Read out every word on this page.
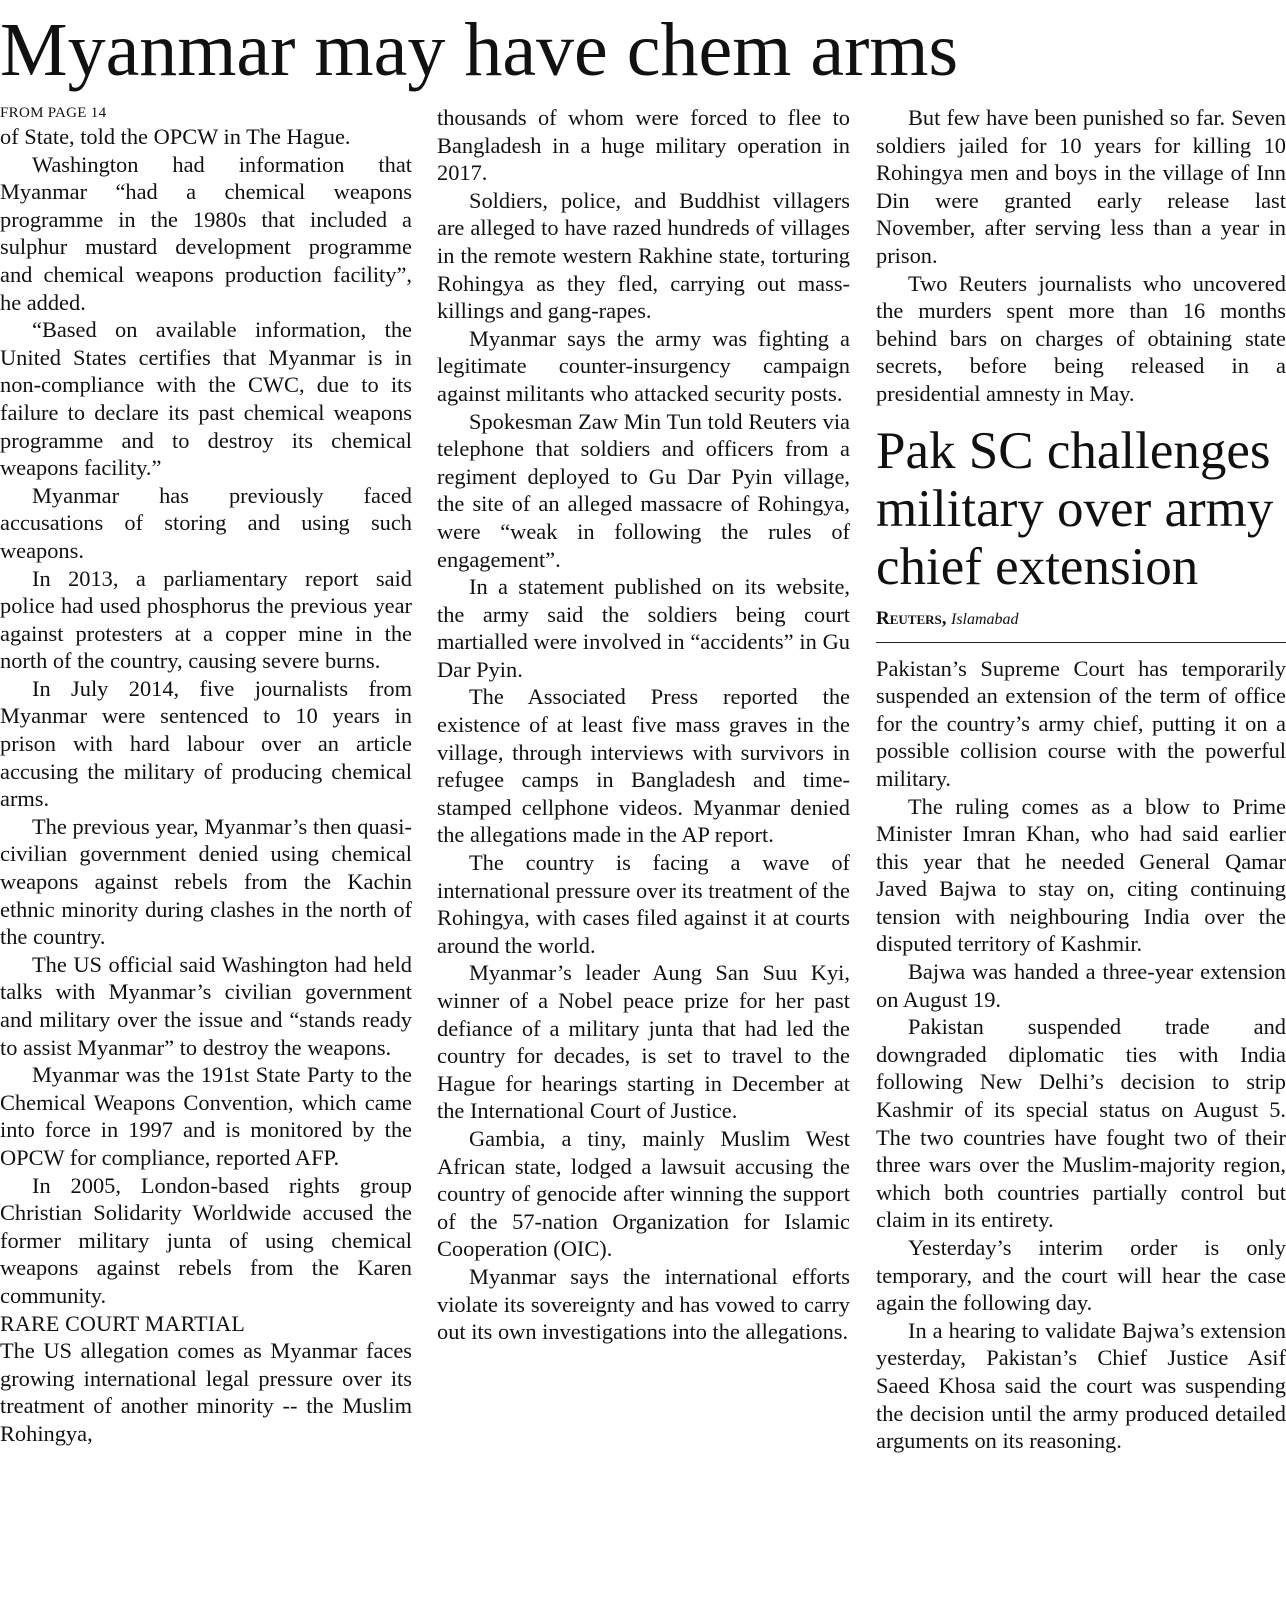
Myanmar may have chem arms
FROM PAGE 14

of State, told the OPCW in The Hague.

Washington had information that Myanmar “had a chemical weapons programme in the 1980s that included a sulphur mustard development programme and chemical weapons production facility”, he added.

“Based on available information, the United States certifies that Myanmar is in non-compliance with the CWC, due to its failure to declare its past chemical weapons programme and to destroy its chemical weapons facility.”

Myanmar has previously faced accusations of storing and using such weapons.

In 2013, a parliamentary report said police had used phosphorus the previous year against protesters at a copper mine in the north of the country, causing severe burns.

In July 2014, five journalists from Myanmar were sentenced to 10 years in prison with hard labour over an article accusing the military of producing chemical arms.

The previous year, Myanmar’s then quasi-civilian government denied using chemical weapons against rebels from the Kachin ethnic minority during clashes in the north of the country.

The US official said Washington had held talks with Myanmar’s civilian government and military over the issue and “stands ready to assist Myanmar” to destroy the weapons.

Myanmar was the 191st State Party to the Chemical Weapons Convention, which came into force in 1997 and is monitored by the OPCW for compliance, reported AFP.

In 2005, London-based rights group Christian Solidarity Worldwide accused the former military junta of using chemical weapons against rebels from the Karen community.

RARE COURT MARTIAL

The US allegation comes as Myanmar faces growing international legal pressure over its treatment of another minority -- the Muslim Rohingya,

thousands of whom were forced to flee to Bangladesh in a huge military operation in 2017.

Soldiers, police, and Buddhist villagers are alleged to have razed hundreds of villages in the remote western Rakhine state, torturing Rohingya as they fled, carrying out mass-killings and gang-rapes.

Myanmar says the army was fighting a legitimate counter-insurgency campaign against militants who attacked security posts.

Spokesman Zaw Min Tun told Reuters via telephone that soldiers and officers from a regiment deployed to Gu Dar Pyin village, the site of an alleged massacre of Rohingya, were “weak in following the rules of engagement”.

In a statement published on its website, the army said the soldiers being court martialled were involved in “accidents” in Gu Dar Pyin.

The Associated Press reported the existence of at least five mass graves in the village, through interviews with survivors in refugee camps in Bangladesh and time-stamped cellphone videos. Myanmar denied the allegations made in the AP report.

The country is facing a wave of international pressure over its treatment of the Rohingya, with cases filed against it at courts around the world.

Myanmar’s leader Aung San Suu Kyi, winner of a Nobel peace prize for her past defiance of a military junta that had led the country for decades, is set to travel to the Hague for hearings starting in December at the International Court of Justice.

Gambia, a tiny, mainly Muslim West African state, lodged a lawsuit accusing the country of genocide after winning the support of the 57-nation Organization for Islamic Cooperation (OIC).

Myanmar says the international efforts violate its sovereignty and has vowed to carry out its own investigations into the allegations.

But few have been punished so far. Seven soldiers jailed for 10 years for killing 10 Rohingya men and boys in the village of Inn Din were granted early release last November, after serving less than a year in prison.

Two Reuters journalists who uncovered the murders spent more than 16 months behind bars on charges of obtaining state secrets, before being released in a presidential amnesty in May.

Pak SC challenges military over army chief extension
Reuters, Islamabad

Pakistan’s Supreme Court has temporarily suspended an extension of the term of office for the country’s army chief, putting it on a possible collision course with the powerful military.

The ruling comes as a blow to Prime Minister Imran Khan, who had said earlier this year that he needed General Qamar Javed Bajwa to stay on, citing continuing tension with neighbouring India over the disputed territory of Kashmir.

Bajwa was handed a three-year extension on August 19.

Pakistan suspended trade and downgraded diplomatic ties with India following New Delhi’s decision to strip Kashmir of its special status on August 5. The two countries have fought two of their three wars over the Muslim-majority region, which both countries partially control but claim in its entirety.

Yesterday’s interim order is only temporary, and the court will hear the case again the following day.

In a hearing to validate Bajwa’s extension yesterday, Pakistan’s Chief Justice Asif Saeed Khosa said the court was suspending the decision until the army produced detailed arguments on its reasoning.
